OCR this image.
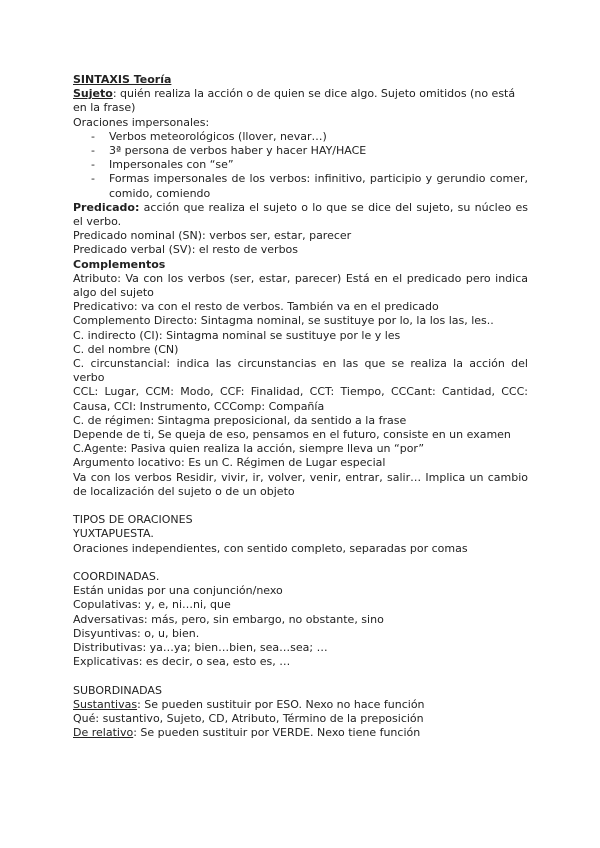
SINTAXIS Teoría

Sujeto: quién realiza la acción o de quien se dice algo. Sujeto omitidos (no está en la frase)

Oraciones impersonales:

- Verbos meteorológicos (llover, nevar…)
- 3ª persona de verbos haber y hacer HAY/HACE
- Impersonales con “se”
- Formas impersonales de los verbos: infinitivo, participio y gerundio comer, comido, comiendo

Predicado: acción que realiza el sujeto o lo que se dice del sujeto, su núcleo es el verbo.

Predicado nominal (SN): verbos ser, estar, parecer

Predicado verbal (SV): el resto de verbos

Complementos

Atributo: Va con los verbos (ser, estar, parecer) Está en el predicado pero indica algo del sujeto

Predicativo: va con el resto de verbos. También va en el predicado

Complemento Directo: Sintagma nominal, se sustituye por lo, la los las, les..

C. indirecto (CI): Sintagma nominal se sustituye por le y les

C. del nombre (CN)

C. circunstancial: indica las circunstancias en las que se realiza la acción del verbo

CCL: Lugar, CCM: Modo, CCF: Finalidad, CCT: Tiempo, CCCant: Cantidad, CCC: Causa, CCI: Instrumento, CCComp: Compañía

C. de régimen: Sintagma preposicional, da sentido a la frase

Depende de ti, Se queja de eso, pensamos en el futuro, consiste en un examen

C.Agente: Pasiva quien realiza la acción, siempre lleva un “por”

Argumento locativo: Es un C. Régimen de Lugar especial

Va con los verbos Residir, vivir, ir, volver, venir, entrar, salir… Implica un cambio de localización del sujeto o de un objeto

TIPOS DE ORACIONES

YUXTAPUESTA.

Oraciones independientes, con sentido completo, separadas por comas

COORDINADAS.

Están unidas por una conjunción/nexo

Copulativas: y, e, ni…ni, que

Adversativas: más, pero, sin embargo, no obstante, sino

Disyuntivas: o, u, bien.

Distributivas: ya…ya; bien…bien, sea…sea; …

Explicativas: es decir, o sea, esto es, …

SUBORDINADAS

Sustantivas: Se pueden sustituir por ESO. Nexo no hace función

Qué: sustantivo, Sujeto, CD, Atributo, Término de la preposición

De relativo: Se pueden sustituir por VERDE. Nexo tiene función
